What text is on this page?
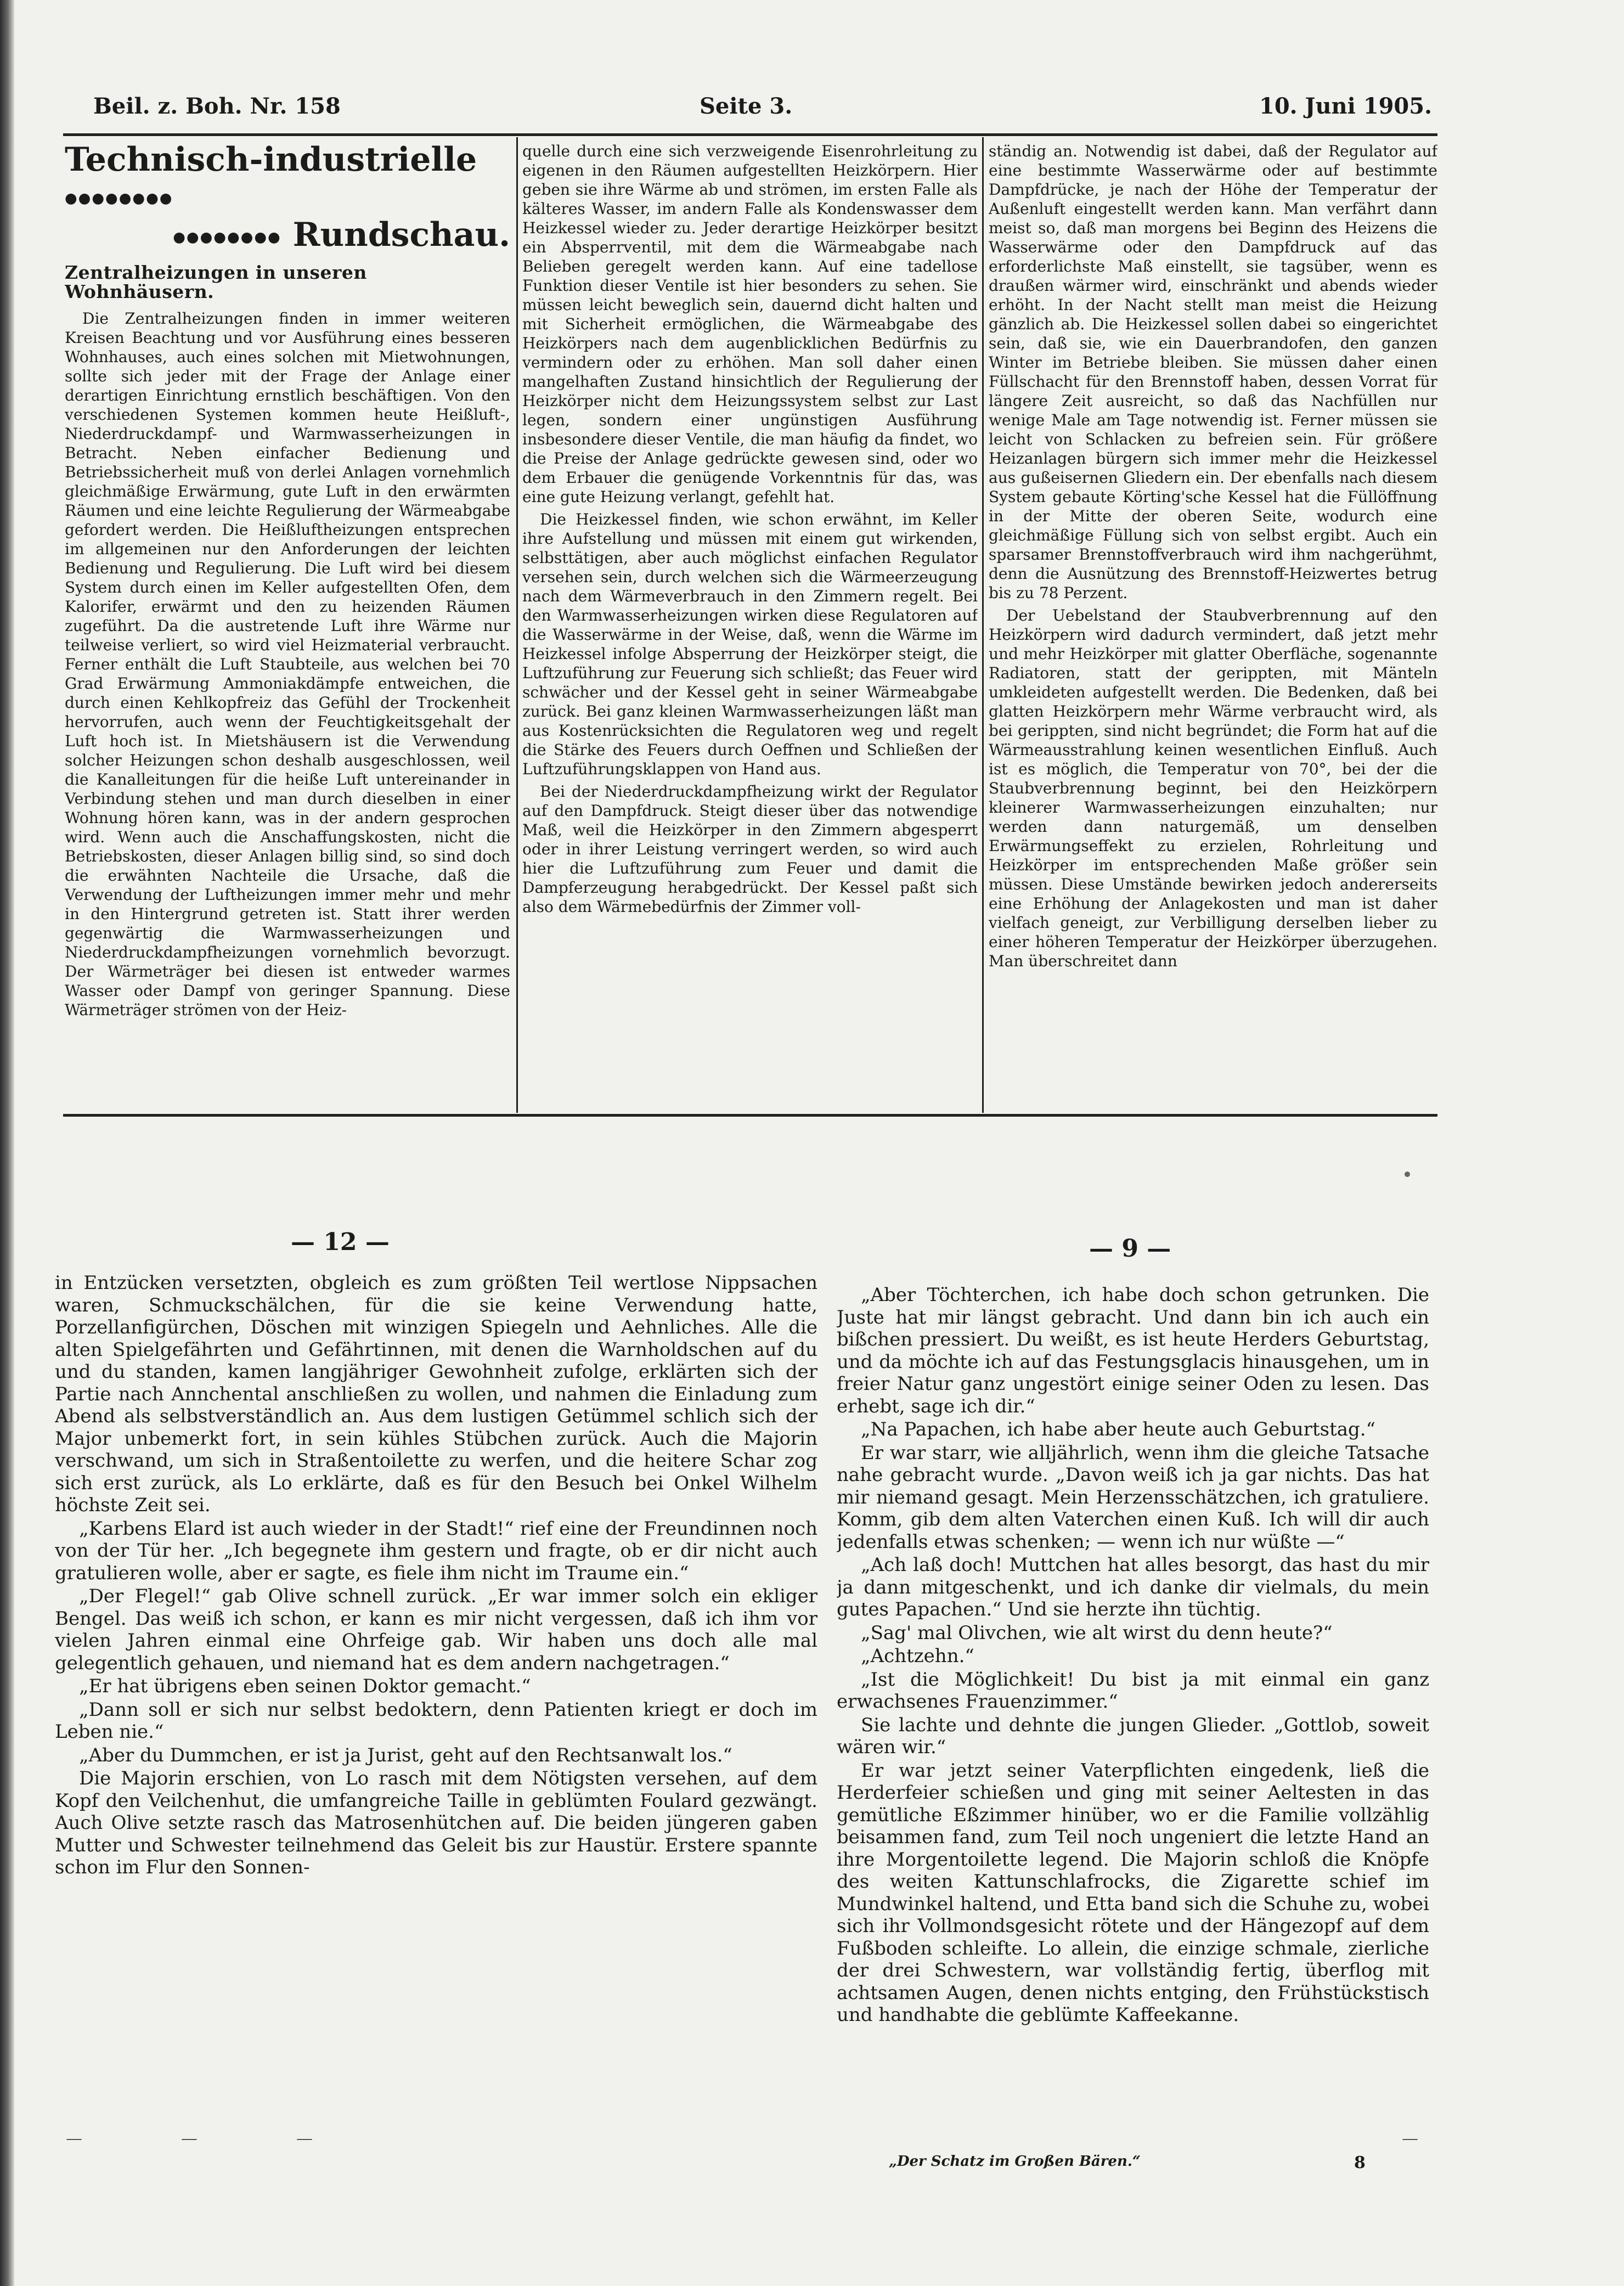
Beil. z. Boh. Nr. 158	Seite 3.	10. Juni 1905.
Technisch-industrielle ●●●●●●●●
●●●●●●●● Rundschau.
Zentralheizungen in unseren Wohnhäusern.

Die Zentralheizungen finden in immer weiteren Kreisen Beachtung und vor Ausführung eines besseren Wohnhauses, auch eines solchen mit Mietwohnungen, sollte sich jeder mit der Frage der Anlage einer derartigen Einrichtung ernstlich beschäftigen. Von den verschiedenen Systemen kommen heute Heißluft-, Niederdruckdampf- und Warmwasserheizungen in Betracht. Neben einfacher Bedienung und Betriebssicherheit muß von derlei Anlagen vornehmlich gleichmäßige Erwärmung, gute Luft in den erwärmten Räumen und eine leichte Regulierung der Wärmeabgabe gefordert werden. Die Heißluftheizungen entsprechen im allgemeinen nur den Anforderungen der leichten Bedienung und Regulierung. Die Luft wird bei diesem System durch einen im Keller aufgestellten Ofen, dem Kalorifer, erwärmt und den zu heizenden Räumen zugeführt. Da die austretende Luft ihre Wärme nur teilweise verliert, so wird viel Heizmaterial verbraucht. Ferner enthält die Luft Staubteile, aus welchen bei 70 Grad Erwärmung Ammoniakdämpfe entweichen, die durch einen Kehlkopfreiz das Gefühl der Trockenheit hervorrufen, auch wenn der Feuchtigkeitsgehalt der Luft hoch ist. In Mietshäusern ist die Verwendung solcher Heizungen schon deshalb ausgeschlossen, weil die Kanalleitungen für die heiße Luft untereinander in Verbindung stehen und man durch dieselben in einer Wohnung hören kann, was in der andern gesprochen wird. Wenn auch die Anschaffungskosten, nicht die Betriebskosten, dieser Anlagen billig sind, so sind doch die erwähnten Nachteile die Ursache, daß die Verwendung der Luftheizungen immer mehr und mehr in den Hintergrund getreten ist. Statt ihrer werden gegenwärtig die Warmwasserheizungen und Niederdruckdampfheizungen vornehmlich bevorzugt. Der Wärmeträger bei diesen ist entweder warmes Wasser oder Dampf von geringer Spannung. Diese Wärmeträger strömen von der Heiz-

quelle durch eine sich verzweigende Eisenrohrleitung zu eigenen in den Räumen aufgestellten Heizkörpern. Hier geben sie ihre Wärme ab und strömen, im ersten Falle als kälteres Wasser, im andern Falle als Kondenswasser dem Heizkessel wieder zu. Jeder derartige Heizkörper besitzt ein Absperrventil, mit dem die Wärmeabgabe nach Belieben geregelt werden kann. Auf eine tadellose Funktion dieser Ventile ist hier besonders zu sehen. Sie müssen leicht beweglich sein, dauernd dicht halten und mit Sicherheit ermöglichen, die Wärmeabgabe des Heizkörpers nach dem augenblicklichen Bedürfnis zu vermindern oder zu erhöhen. Man soll daher einen mangelhaften Zustand hinsichtlich der Regulierung der Heizkörper nicht dem Heizungssystem selbst zur Last legen, sondern einer ungünstigen Ausführung insbesondere dieser Ventile, die man häufig da findet, wo die Preise der Anlage gedrückte gewesen sind, oder wo dem Erbauer die genügende Vorkenntnis für das, was eine gute Heizung verlangt, gefehlt hat.

Die Heizkessel finden, wie schon erwähnt, im Keller ihre Aufstellung und müssen mit einem gut wirkenden, selbsttätigen, aber auch möglichst einfachen Regulator versehen sein, durch welchen sich die Wärmeerzeugung nach dem Wärmeverbrauch in den Zimmern regelt. Bei den Warmwasserheizungen wirken diese Regulatoren auf die Wasserwärme in der Weise, daß, wenn die Wärme im Heizkessel infolge Absperrung der Heizkörper steigt, die Luftzuführung zur Feuerung sich schließt; das Feuer wird schwächer und der Kessel geht in seiner Wärmeabgabe zurück. Bei ganz kleinen Warmwasserheizungen läßt man aus Kostenrücksichten die Regulatoren weg und regelt die Stärke des Feuers durch Oeffnen und Schließen der Luftzuführungsklappen von Hand aus.

Bei der Niederdruckdampfheizung wirkt der Regulator auf den Dampfdruck. Steigt dieser über das notwendige Maß, weil die Heizkörper in den Zimmern abgesperrt oder in ihrer Leistung verringert werden, so wird auch hier die Luftzuführung zum Feuer und damit die Dampferzeugung herabgedrückt. Der Kessel paßt sich also dem Wärmebedürfnis der Zimmer voll-

ständig an. Notwendig ist dabei, daß der Regulator auf eine bestimmte Wasserwärme oder auf bestimmte Dampfdrücke, je nach der Höhe der Temperatur der Außenluft eingestellt werden kann. Man verfährt dann meist so, daß man morgens bei Beginn des Heizens die Wasserwärme oder den Dampfdruck auf das erforderlichste Maß einstellt, sie tagsüber, wenn es draußen wärmer wird, einschränkt und abends wieder erhöht. In der Nacht stellt man meist die Heizung gänzlich ab. Die Heizkessel sollen dabei so eingerichtet sein, daß sie, wie ein Dauerbrandofen, den ganzen Winter im Betriebe bleiben. Sie müssen daher einen Füllschacht für den Brennstoff haben, dessen Vorrat für längere Zeit ausreicht, so daß das Nachfüllen nur wenige Male am Tage notwendig ist. Ferner müssen sie leicht von Schlacken zu befreien sein. Für größere Heizanlagen bürgern sich immer mehr die Heizkessel aus gußeisernen Gliedern ein. Der ebenfalls nach diesem System gebaute Körting'sche Kessel hat die Füllöffnung in der Mitte der oberen Seite, wodurch eine gleichmäßige Füllung sich von selbst ergibt. Auch ein sparsamer Brennstoffverbrauch wird ihm nachgerühmt, denn die Ausnützung des Brennstoff-Heizwertes betrug bis zu 78 Perzent.

Der Uebelstand der Staubverbrennung auf den Heizkörpern wird dadurch vermindert, daß jetzt mehr und mehr Heizkörper mit glatter Oberfläche, sogenannte Radiatoren, statt der gerippten, mit Mänteln umkleideten aufgestellt werden. Die Bedenken, daß bei glatten Heizkörpern mehr Wärme verbraucht wird, als bei gerippten, sind nicht begründet; die Form hat auf die Wärmeausstrahlung keinen wesentlichen Einfluß. Auch ist es möglich, die Temperatur von 70°, bei der die Staubverbrennung beginnt, bei den Heizkörpern kleinerer Warmwasserheizungen einzuhalten; nur werden dann naturgemäß, um denselben Erwärmungseffekt zu erzielen, Rohrleitung und Heizkörper im entsprechenden Maße größer sein müssen. Diese Umstände bewirken jedoch andererseits eine Erhöhung der Anlagekosten und man ist daher vielfach geneigt, zur Verbilligung derselben lieber zu einer höheren Temperatur der Heizkörper überzugehen. Man überschreitet dann

— 12 —	— 9 —

in Entzücken versetzten, obgleich es zum größten Teil wertlose Nippsachen waren, Schmuckschälchen, für die sie keine Verwendung hatte, Porzellanfigürchen, Döschen mit winzigen Spiegeln und Aehnliches. Alle die alten Spielgefährten und Gefährtinnen, mit denen die Warnholdschen auf du und du standen, kamen langjähriger Gewohnheit zufolge, erklärten sich der Partie nach Annchental anschließen zu wollen, und nahmen die Einladung zum Abend als selbstverständlich an. Aus dem lustigen Getümmel schlich sich der Major unbemerkt fort, in sein kühles Stübchen zurück. Auch die Majorin verschwand, um sich in Straßentoilette zu werfen, und die heitere Schar zog sich erst zurück, als Lo erklärte, daß es für den Besuch bei Onkel Wilhelm höchste Zeit sei.

„Karbens Elard ist auch wieder in der Stadt!“ rief eine der Freundinnen noch von der Tür her. „Ich begegnete ihm gestern und fragte, ob er dir nicht auch gratulieren wolle, aber er sagte, es fiele ihm nicht im Traume ein.“

„Der Flegel!“ gab Olive schnell zurück. „Er war immer solch ein ekliger Bengel. Das weiß ich schon, er kann es mir nicht vergessen, daß ich ihm vor vielen Jahren einmal eine Ohrfeige gab. Wir haben uns doch alle mal gelegentlich gehauen, und niemand hat es dem andern nachgetragen.“

„Er hat übrigens eben seinen Doktor gemacht.“

„Dann soll er sich nur selbst bedoktern, denn Patienten kriegt er doch im Leben nie.“

„Aber du Dummchen, er ist ja Jurist, geht auf den Rechtsanwalt los.“

Die Majorin erschien, von Lo rasch mit dem Nötigsten versehen, auf dem Kopf den Veilchenhut, die umfangreiche Taille in geblümten Foulard gezwängt. Auch Olive setzte rasch das Matrosenhütchen auf. Die beiden jüngeren gaben Mutter und Schwester teilnehmend das Geleit bis zur Haustür. Erstere spannte schon im Flur den Sonnen-

„Aber Töchterchen, ich habe doch schon getrunken. Die Juste hat mir längst gebracht. Und dann bin ich auch ein bißchen pressiert. Du weißt, es ist heute Herders Geburtstag, und da möchte ich auf das Festungsglacis hinausgehen, um in freier Natur ganz ungestört einige seiner Oden zu lesen. Das erhebt, sage ich dir.“

„Na Papachen, ich habe aber heute auch Geburtstag.“

Er war starr, wie alljährlich, wenn ihm die gleiche Tatsache nahe gebracht wurde. „Davon weiß ich ja gar nichts. Das hat mir niemand gesagt. Mein Herzensschätzchen, ich gratuliere. Komm, gib dem alten Vaterchen einen Kuß. Ich will dir auch jedenfalls etwas schenken; — wenn ich nur wüßte —“

„Ach laß doch! Muttchen hat alles besorgt, das hast du mir ja dann mitgeschenkt, und ich danke dir vielmals, du mein gutes Papachen.“ Und sie herzte ihn tüchtig.

„Sag' mal Olivchen, wie alt wirst du denn heute?“

„Achtzehn.“

„Ist die Möglichkeit! Du bist ja mit einmal ein ganz erwachsenes Frauenzimmer.“

Sie lachte und dehnte die jungen Glieder. „Gottlob, soweit wären wir.“

Er war jetzt seiner Vaterpflichten eingedenk, ließ die Herderfeier schießen und ging mit seiner Aeltesten in das gemütliche Eßzimmer hinüber, wo er die Familie vollzählig beisammen fand, zum Teil noch ungeniert die letzte Hand an ihre Morgentoilette legend. Die Majorin schloß die Knöpfe des weiten Kattunschlafrocks, die Zigarette schief im Mundwinkel haltend, und Etta band sich die Schuhe zu, wobei sich ihr Vollmondsgesicht rötete und der Hängezopf auf dem Fußboden schleifte. Lo allein, die einzige schmale, zierliche der drei Schwestern, war vollständig fertig, überflog mit achtsamen Augen, denen nichts entging, den Frühstückstisch und handhabte die geblümte Kaffeekanne.

—	—	—	—
„Der Schatz im Großen Bären.“	8
